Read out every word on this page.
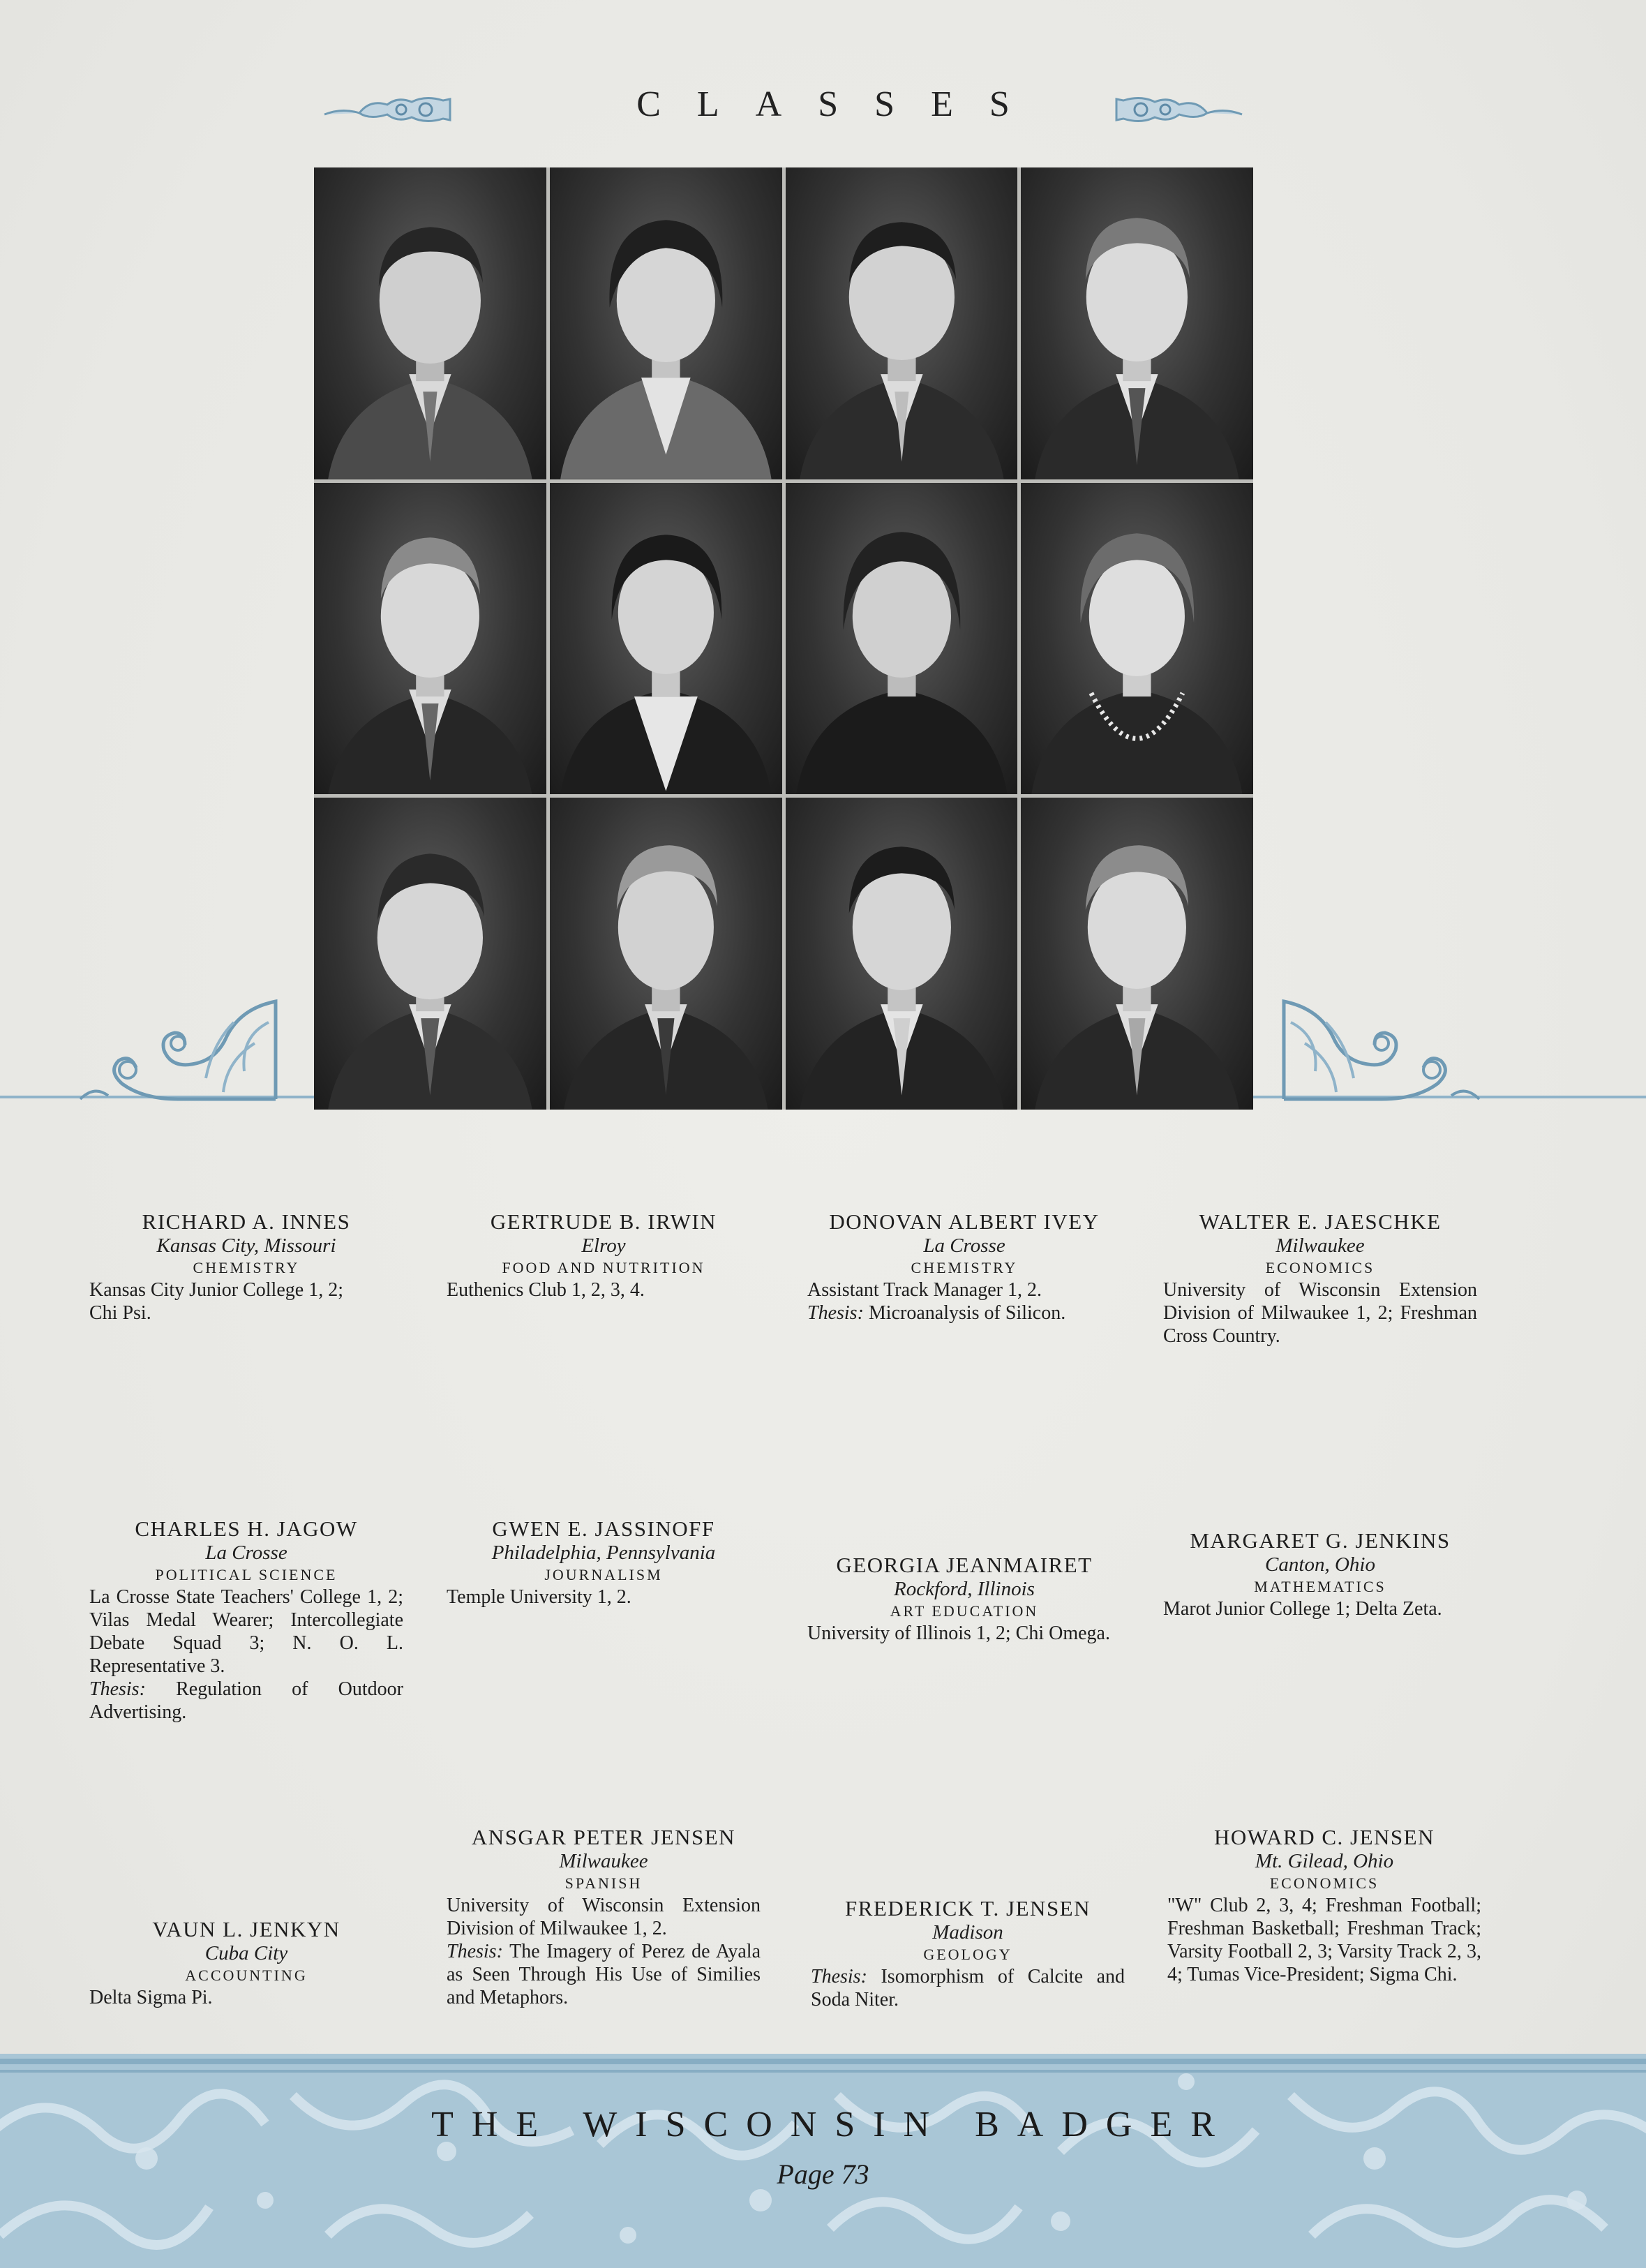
CLASSES
RICHARD A. INNES
Kansas City, Missouri
CHEMISTRY
Kansas City Junior College 1, 2;
Chi Psi.
GERTRUDE B. IRWIN
Elroy
FOOD AND NUTRITION
Euthenics Club 1, 2, 3, 4.
DONOVAN ALBERT IVEY
La Crosse
CHEMISTRY
Assistant Track Manager 1, 2.
Thesis: Microanalysis of Silicon.
WALTER E. JAESCHKE
Milwaukee
ECONOMICS
University of Wisconsin Extension Division of Milwaukee 1, 2; Freshman Cross Country.
CHARLES H. JAGOW
La Crosse
POLITICAL SCIENCE
La Crosse State Teachers' College 1, 2; Vilas Medal Wearer; Intercollegiate Debate Squad 3; N. O. L. Representative 3.
Thesis: Regulation of Outdoor Advertising.
GWEN E. JASSINOFF
Philadelphia, Pennsylvania
JOURNALISM
Temple University 1, 2.
GEORGIA JEANMAIRET
Rockford, Illinois
ART EDUCATION
University of Illinois 1, 2; Chi Omega.
MARGARET G. JENKINS
Canton, Ohio
MATHEMATICS
Marot Junior College 1; Delta Zeta.
VAUN L. JENKYN
Cuba City
ACCOUNTING
Delta Sigma Pi.
ANSGAR PETER JENSEN
Milwaukee
SPANISH
University of Wisconsin Extension Division of Milwaukee 1, 2.
Thesis: The Imagery of Perez de Ayala as Seen Through His Use of Similies and Metaphors.
FREDERICK T. JENSEN
Madison
GEOLOGY
Thesis: Isomorphism of Calcite and Soda Niter.
HOWARD C. JENSEN
Mt. Gilead, Ohio
ECONOMICS
"W" Club 2, 3, 4; Freshman Football; Freshman Basketball; Freshman Track; Varsity Football 2, 3; Varsity Track 2, 3, 4; Tumas Vice-President; Sigma Chi.
THE WISCONSIN BADGER
Page 73
